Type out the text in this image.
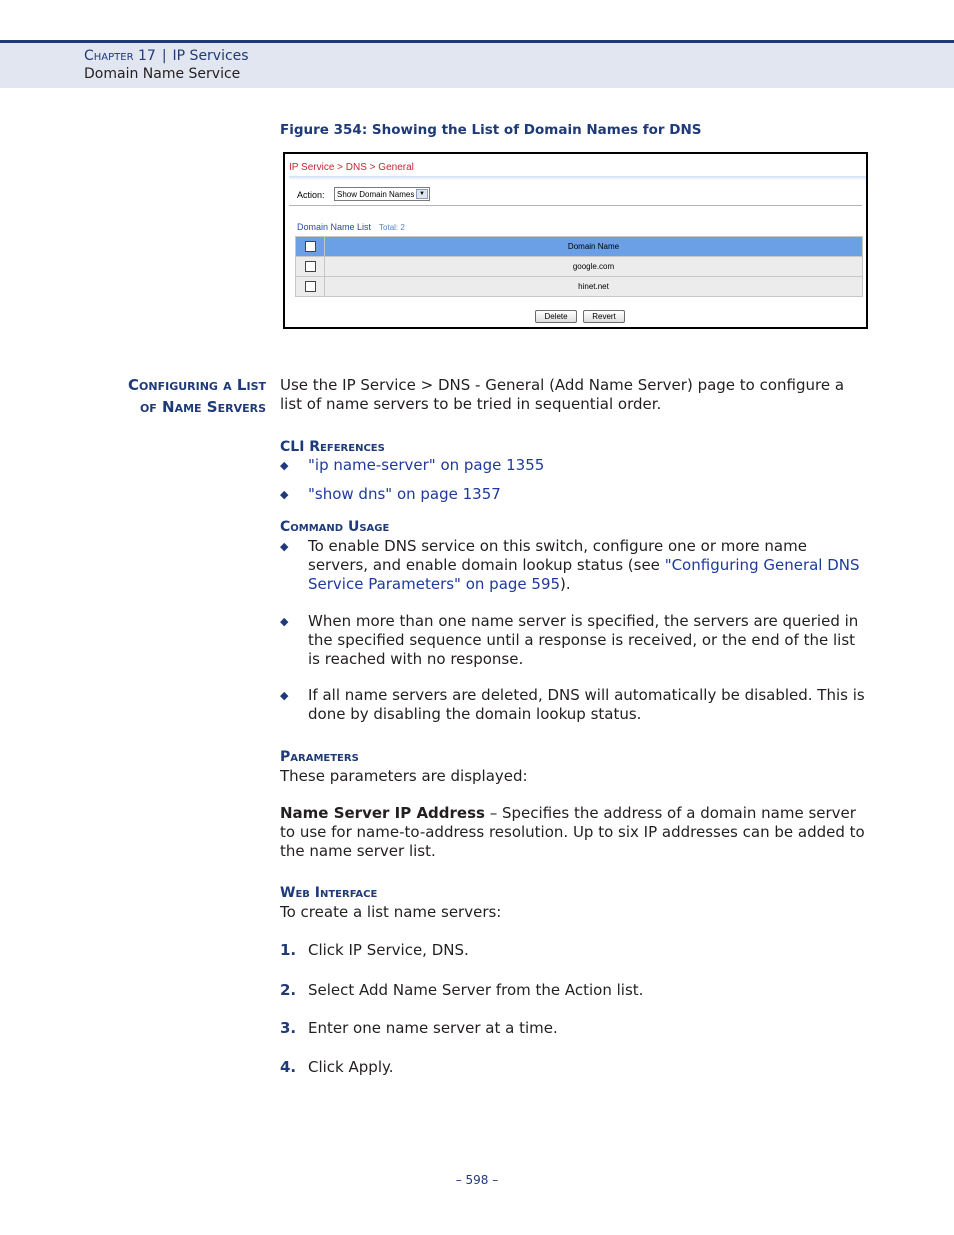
Chapter 17 | IP Services
Domain Name Service
Figure 354: Showing the List of Domain Names for DNS
IP Service > DNS > General
Action:	Show Domain Names ▼
Domain Name List Total: 2
	Domain Name
	google.com
	hinet.net
Delete	Revert
Configuring a List
of Name Servers
Use the IP Service > DNS - General (Add Name Server) page to configure a list of name servers to be tried in sequential order.
CLI References
◆ "ip name-server" on page 1355
◆ "show dns" on page 1357
Command Usage
◆ To enable DNS service on this switch, configure one or more name servers, and enable domain lookup status (see "Configuring General DNS Service Parameters" on page 595).
◆ When more than one name server is specified, the servers are queried in the specified sequence until a response is received, or the end of the list is reached with no response.
◆ If all name servers are deleted, DNS will automatically be disabled. This is done by disabling the domain lookup status.
Parameters
These parameters are displayed:
Name Server IP Address – Specifies the address of a domain name server to use for name-to-address resolution. Up to six IP addresses can be added to the name server list.
Web Interface
To create a list name servers:
1. Click IP Service, DNS.
2. Select Add Name Server from the Action list.
3. Enter one name server at a time.
4. Click Apply.
– 598 –
